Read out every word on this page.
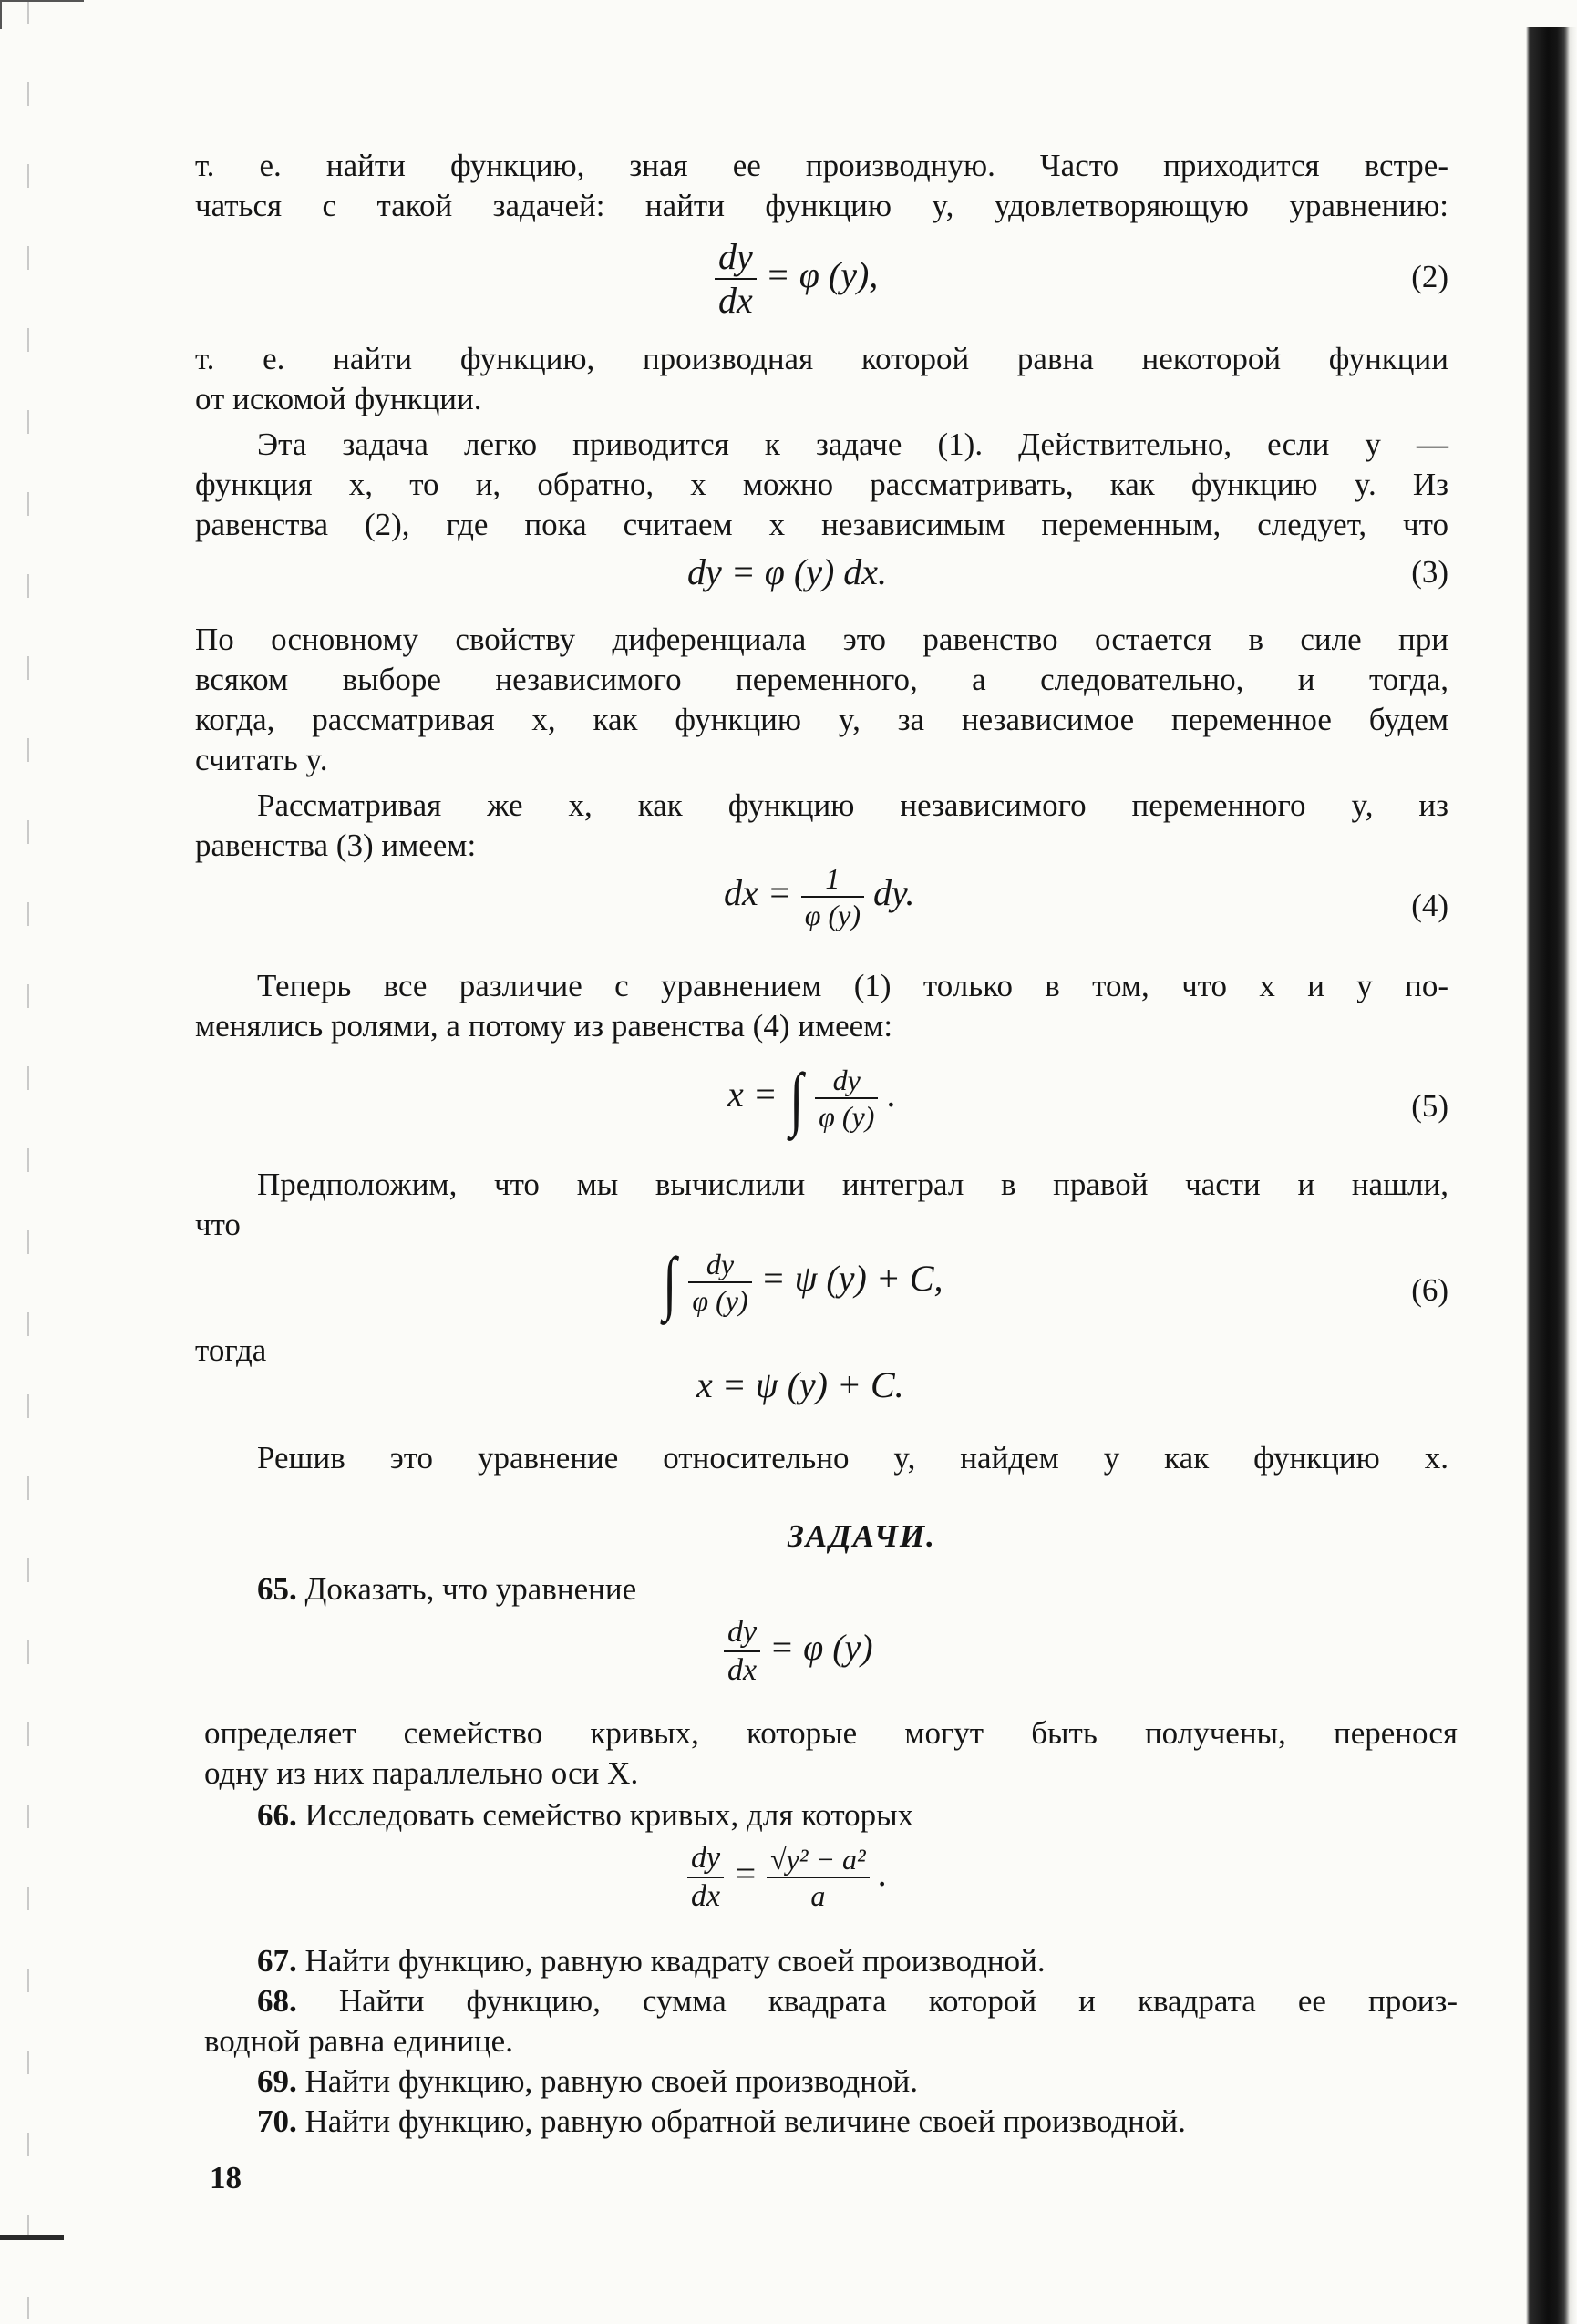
т. е. найти функцию, зная ее производную. Часто приходится встре-
чаться с такой задачей: найти функцию y, удовлетворяющую уравнению:
$\frac{dy}{dx} = \varphi$ (y),	(2)
т. е. найти функцию, производная которой равна некоторой функции
от искомой функции.
Эта задача легко приводится к задаче (1). Действительно, если y —
функция x, то и, обратно, x можно рассматривать, как функцию y. Из
равенства (2), где пока считаем x независимым переменным, следует, что
dy = φ (y) dx.	(3)
По основному свойству диференциала это равенство остается в силе при
всяком выборе независимого переменного, а следовательно, и тогда,
когда, рассматривая x, как функцию y, за независимое переменное будем
считать y.
Рассматривая же x, как функцию независимого переменного y, из
равенства (3) имеем:
dx = $\frac{1}{\varphi (y)}$ dy.	(4)
Теперь все различие с уравнением (1) только в том, что x и y по-
менялись ролями, а потому из равенства (4) имеем:
x = ∫ $\frac{dy}{\varphi (y)}$ .	(5)
Предположим, что мы вычислили интеграл в правой части и нашли,
что
∫ $\frac{dy}{\varphi (y)} = \psi$ (y) + C,	(6)
тогда
x = ψ (y) + C.
Решив это уравнение относительно y, найдем y как функцию x.
ЗАДАЧИ.
65. Доказать, что уравнение
$\frac{dy}{dx} = \varphi$ (y)
определяет семейство кривых, которые могут быть получены, перенося
одну из них параллельно оси X.
66. Исследовать семейство кривых, для которых
$\frac{dy}{dx} = \frac{\text{√y² − a²}}{a}$ .
67. Найти функцию, равную квадрату своей производной.
68. Найти функцию, сумма квадрата которой и квадрата ее произ-
водной равна единице.
69. Найти функцию, равную своей производной.
70. Найти функцию, равную обратной величине своей производной.
18
